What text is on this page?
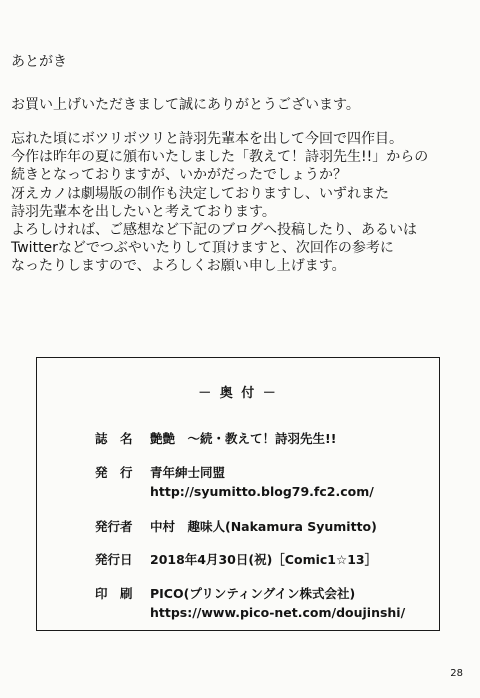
あとがき
お買い上げいただきまして誠にありがとうございます。
忘れた頃にボツリボツリと詩羽先輩本を出して今回で四作目。
今作は昨年の夏に頒布いたしました「教えて！詩羽先生!!」からの
続きとなっておりますが、いかがだったでしょうか？
冴えカノは劇場版の制作も決定しておりますし、いずれまた
詩羽先輩本を出したいと考えております。
よろしければ、ご感想など下記のブログへ投稿したり、あるいは
Twitterなどでつぶやいたりして頂けますと、次回作の参考に
なったりしますので、よろしくお願い申し上げます。
－ 奥 付 －
誌　名 艶艶　～続・教えて！詩羽先生!!
発　行 青年紳士同盟
http://syumitto.blog79.fc2.com/
発行者 中村　趣味人(Nakamura Syumitto)
発行日 2018年4月30日(祝)［Comic1☆13］
印　刷 PICO(プリンティングイン株式会社)
https://www.pico-net.com/doujinshi/
28
